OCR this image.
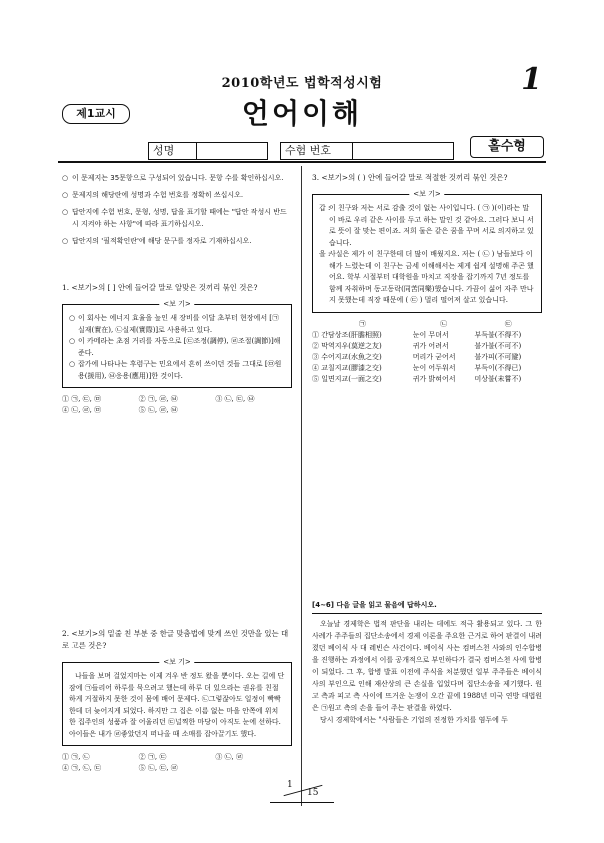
2010학년도 법학적성시험	1
제1교시	언어이해
성명	수험 번호	홀수형
○ 이 문제지는 35문항으로 구성되어 있습니다. 문항 수를 확인하십시오.
○ 문제지의 해당란에 성명과 수험 번호를 정확히 쓰십시오.
○ 답안지에 수험 번호, 문형, 성명, 답을 표기할 때에는 "답안 작성시 반드시 지켜야 하는 사항"에 따라 표기하십시오.
○ 답안지의 '필적확인란'에 해당 문구를 정자로 기재하십시오.
1. <보기>의 [ ] 안에 들어갈 말로 알맞은 것끼리 묶인 것은?
<보 기>
○ 이 회사는 에너지 효율을 높인 새 장비를 이달 초부터 현장에서 [㉠실재(實在), ㉡실제(實際)]로 사용하고 있다.
○ 이 카메라는 초점 거리를 자동으로 [㉢조정(調停), ㉣조절(調節)]해 준다.
○ 잡가에 나타나는 후렴구는 민요에서 흔히 쓰이던 것들 그대로 [㉤원용(援用), ㉥응용(應用)]한 것이다.
① ㉠, ㉢, ㉤	② ㉠, ㉣, ㉥	③ ㉡, ㉢, ㉥
④ ㉡, ㉣, ㉤	⑤ ㉡, ㉣, ㉥
2. <보기>의 밑줄 친 부분 중 한글 맞춤법에 맞게 쓰인 것만을 있는 대로 고른 것은?
<보 기>
나들을 보며 걸었지마는 이제 겨우 반 정도 왔을 뿐이다. 오는 길에 단잠에 ㉠들리어 하루를 묵으려고 했는데 하루 더 있으라는 권유를 친절하게 거절하지 못한 것이 몸에 배어 문제다. ㉡그렇잖아도 일정이 빡빡한데 더 늦어지게 되었다. 하지만 그 집은 이름 없는 마을 안쪽에 위치한 집주인의 성품과 잘 어울리던 ㉢널찍한 마당이 아직도 눈에 선하다. 아이들은 내가 ㉣좋았던지 떠나올 때 소매를 잡아끌기도 했다.
① ㉠, ㉡	② ㉠, ㉢	③ ㉡, ㉣
④ ㉠, ㉡, ㉢	⑤ ㉡, ㉢, ㉣
3. <보기>의 ( ) 안에 들어갈 말로 적절한 것끼리 묶인 것은?
<보 기>
갑 :
이 친구와 저는 서로 감출 것이 없는 사이입니다. ( ㉠ )(이)라는 말이 바로 우리 같은 사이를 두고 하는 말인 것 같아요. 그러다 보니 서로 뜻이 잘 맞는 편이죠. 저희 둘은 같은 꿈을 꾸며 서로 의지하고 있습니다.
을 :
사실은 제가 이 친구한테 더 많이 배웠지요. 저는 ( ㉡ ) 남들보다 이해가 느렸는데 이 친구는 금세 이해해서는 제게 쉽게 설명해 주곤 했어요. 학부 시절부터 대학원을 마치고 직장을 잡기까지 7년 정도를 함께 자취하며 동고동락(同苦同樂)했습니다. 가끔이 싫어 자주 만나지 못했는데 직장 때문에 ( ㉢ ) 멀리 떨어져 살고 있습니다.
㉠	㉡	㉢
① 간담상조(肝膽相照)	눈이 무뎌서	부득불(不得不)
② 막역지우(莫逆之友)	귀가 어려서	불가불(不可不)
③ 수어지교(水魚之交)	머리가 굳어서	불가피(不可避)
④ 교칠지교(膠漆之交)	눈이 어두워서	부득이(不得已)
⑤ 일면지교(一面之交)	귀가 밝혀어서	미상불(未嘗不)
[4~6] 다음 글을 읽고 물음에 답하시오.
오늘날 경제학은 법적 판단을 내리는 데에도 적극 활용되고 있다. 그 한 사례가 주주들의 집단소송에서 경제 이론을 주요한 근거로 하여 판결이 내려졌던 베이식 사 대 레빈슨 사건이다. 베이식 사는 컴버스천 사와의 인수합병을 진행하는 과정에서 이를 공개적으로 부인하다가 결국 컴버스천 사에 합병이 되었다. 그 후, 합병 발표 이전에 주식을 처분했던 일부 주주들은 베이식 사의 부인으로 인해 재산상의 큰 손실을 입었다며 집단소송을 제기했다. 원고 측과 피고 측 사이에 뜨거운 논쟁이 오간 끝에 1988년 미국 연방 대법원은 ㉠원고 측의 손을 들어 주는 판결을 하였다.
당시 경제학에서는 "사람들은 기업의 진정한 가치를 염두에 두
1
15
